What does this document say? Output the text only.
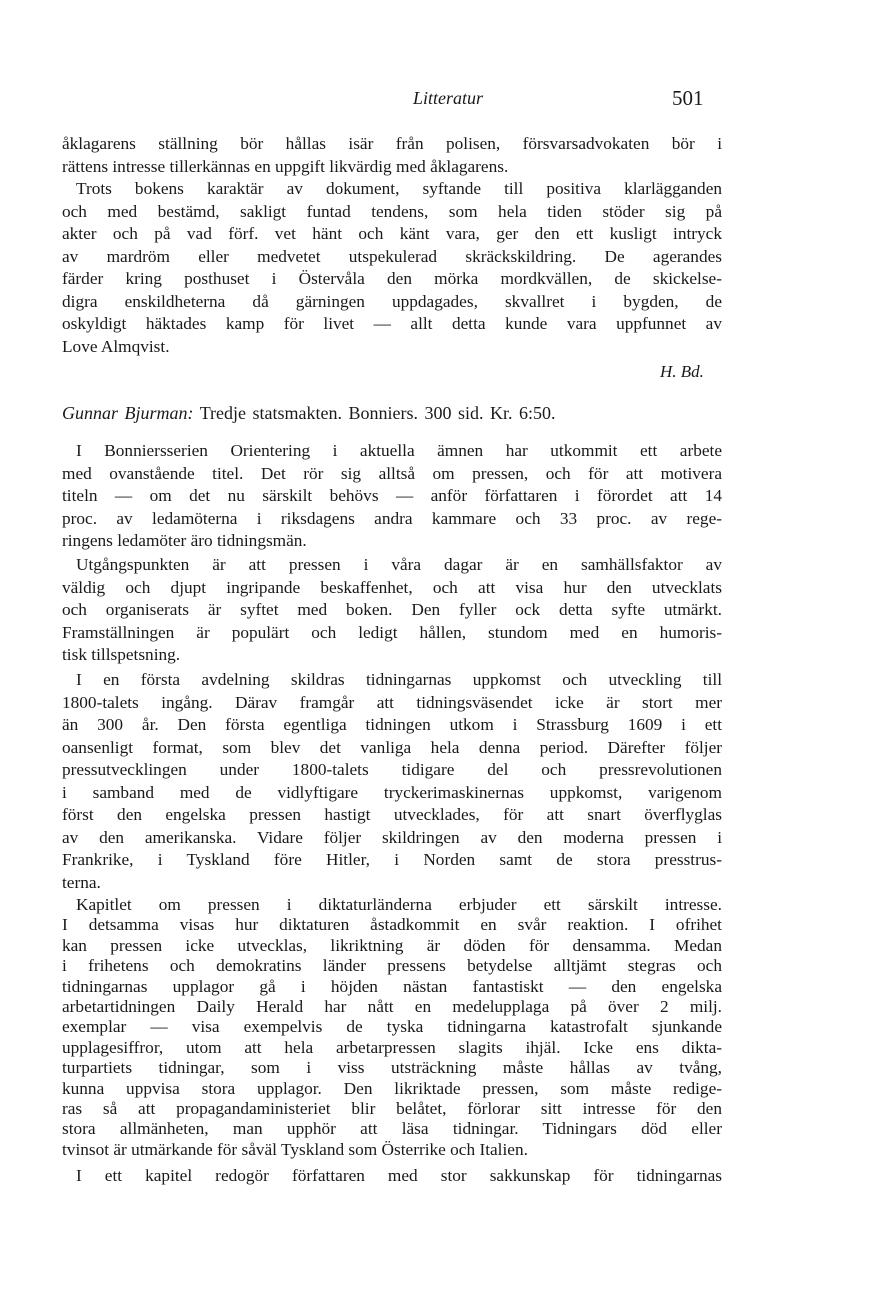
Litteratur	501
åklagarens ställning bör hållas isär från polisen, försvarsadvokaten bör i
rättens intresse tillerkännas en uppgift likvärdig med åklagarens.
Trots bokens karaktär av dokument, syftande till positiva klarlägganden
och med bestämd, sakligt funtad tendens, som hela tiden stöder sig på
akter och på vad förf. vet hänt och känt vara, ger den ett kusligt intryck
av mardröm eller medvetet utspekulerad skräckskildring. De agerandes
färder kring posthuset i Östervåla den mörka mordkvällen, de skickelse-
digra enskildheterna då gärningen uppdagades, skvallret i bygden, de
oskyldigt häktades kamp för livet — allt detta kunde vara uppfunnet av
Love Almqvist.
I Bonniersserien Orientering i aktuella ämnen har utkommit ett arbete
med ovanstående titel. Det rör sig alltså om pressen, och för att motivera
titeln — om det nu särskilt behövs — anför författaren i förordet att 14
proc. av ledamöterna i riksdagens andra kammare och 33 proc. av rege-
ringens ledamöter äro tidningsmän.
Utgångspunkten är att pressen i våra dagar är en samhällsfaktor av
väldig och djupt ingripande beskaffenhet, och att visa hur den utvecklats
och organiserats är syftet med boken. Den fyller ock detta syfte utmärkt.
Framställningen är populärt och ledigt hållen, stundom med en humoris-
tisk tillspetsning.
I en första avdelning skildras tidningarnas uppkomst och utveckling till
1800-talets ingång. Därav framgår att tidningsväsendet icke är stort mer
än 300 år. Den första egentliga tidningen utkom i Strassburg 1609 i ett
oansenligt format, som blev det vanliga hela denna period. Därefter följer
pressutvecklingen under 1800-talets tidigare del och pressrevolutionen
i samband med de vidlyftigare tryckerimaskinernas uppkomst, varigenom
först den engelska pressen hastigt utvecklades, för att snart överflyglas
av den amerikanska. Vidare följer skildringen av den moderna pressen i
Frankrike, i Tyskland före Hitler, i Norden samt de stora presstrus-
terna.
Kapitlet om pressen i diktaturländerna erbjuder ett särskilt intresse.
I detsamma visas hur diktaturen åstadkommit en svår reaktion. I ofrihet
kan pressen icke utvecklas, likriktning är döden för densamma. Medan
i frihetens och demokratins länder pressens betydelse alltjämt stegras och
tidningarnas upplagor gå i höjden nästan fantastiskt — den engelska
arbetartidningen Daily Herald har nått en medelupplaga på över 2 milj.
exemplar — visa exempelvis de tyska tidningarna katastrofalt sjunkande
upplagesiffror, utom att hela arbetarpressen slagits ihjäl. Icke ens dikta-
turpartiets tidningar, som i viss utsträckning måste hållas av tvång,
kunna uppvisa stora upplagor. Den likriktade pressen, som måste redige-
ras så att propagandaministeriet blir belåtet, förlorar sitt intresse för den
stora allmänheten, man upphör att läsa tidningar. Tidningars död eller
tvinsot är utmärkande för såväl Tyskland som Österrike och Italien.
I ett kapitel redogör författaren med stor sakkunskap för tidningarnas
H. Bd.
Gunnar Bjurman: Tredje statsmakten. Bonniers. 300 sid. Kr. 6:50.
